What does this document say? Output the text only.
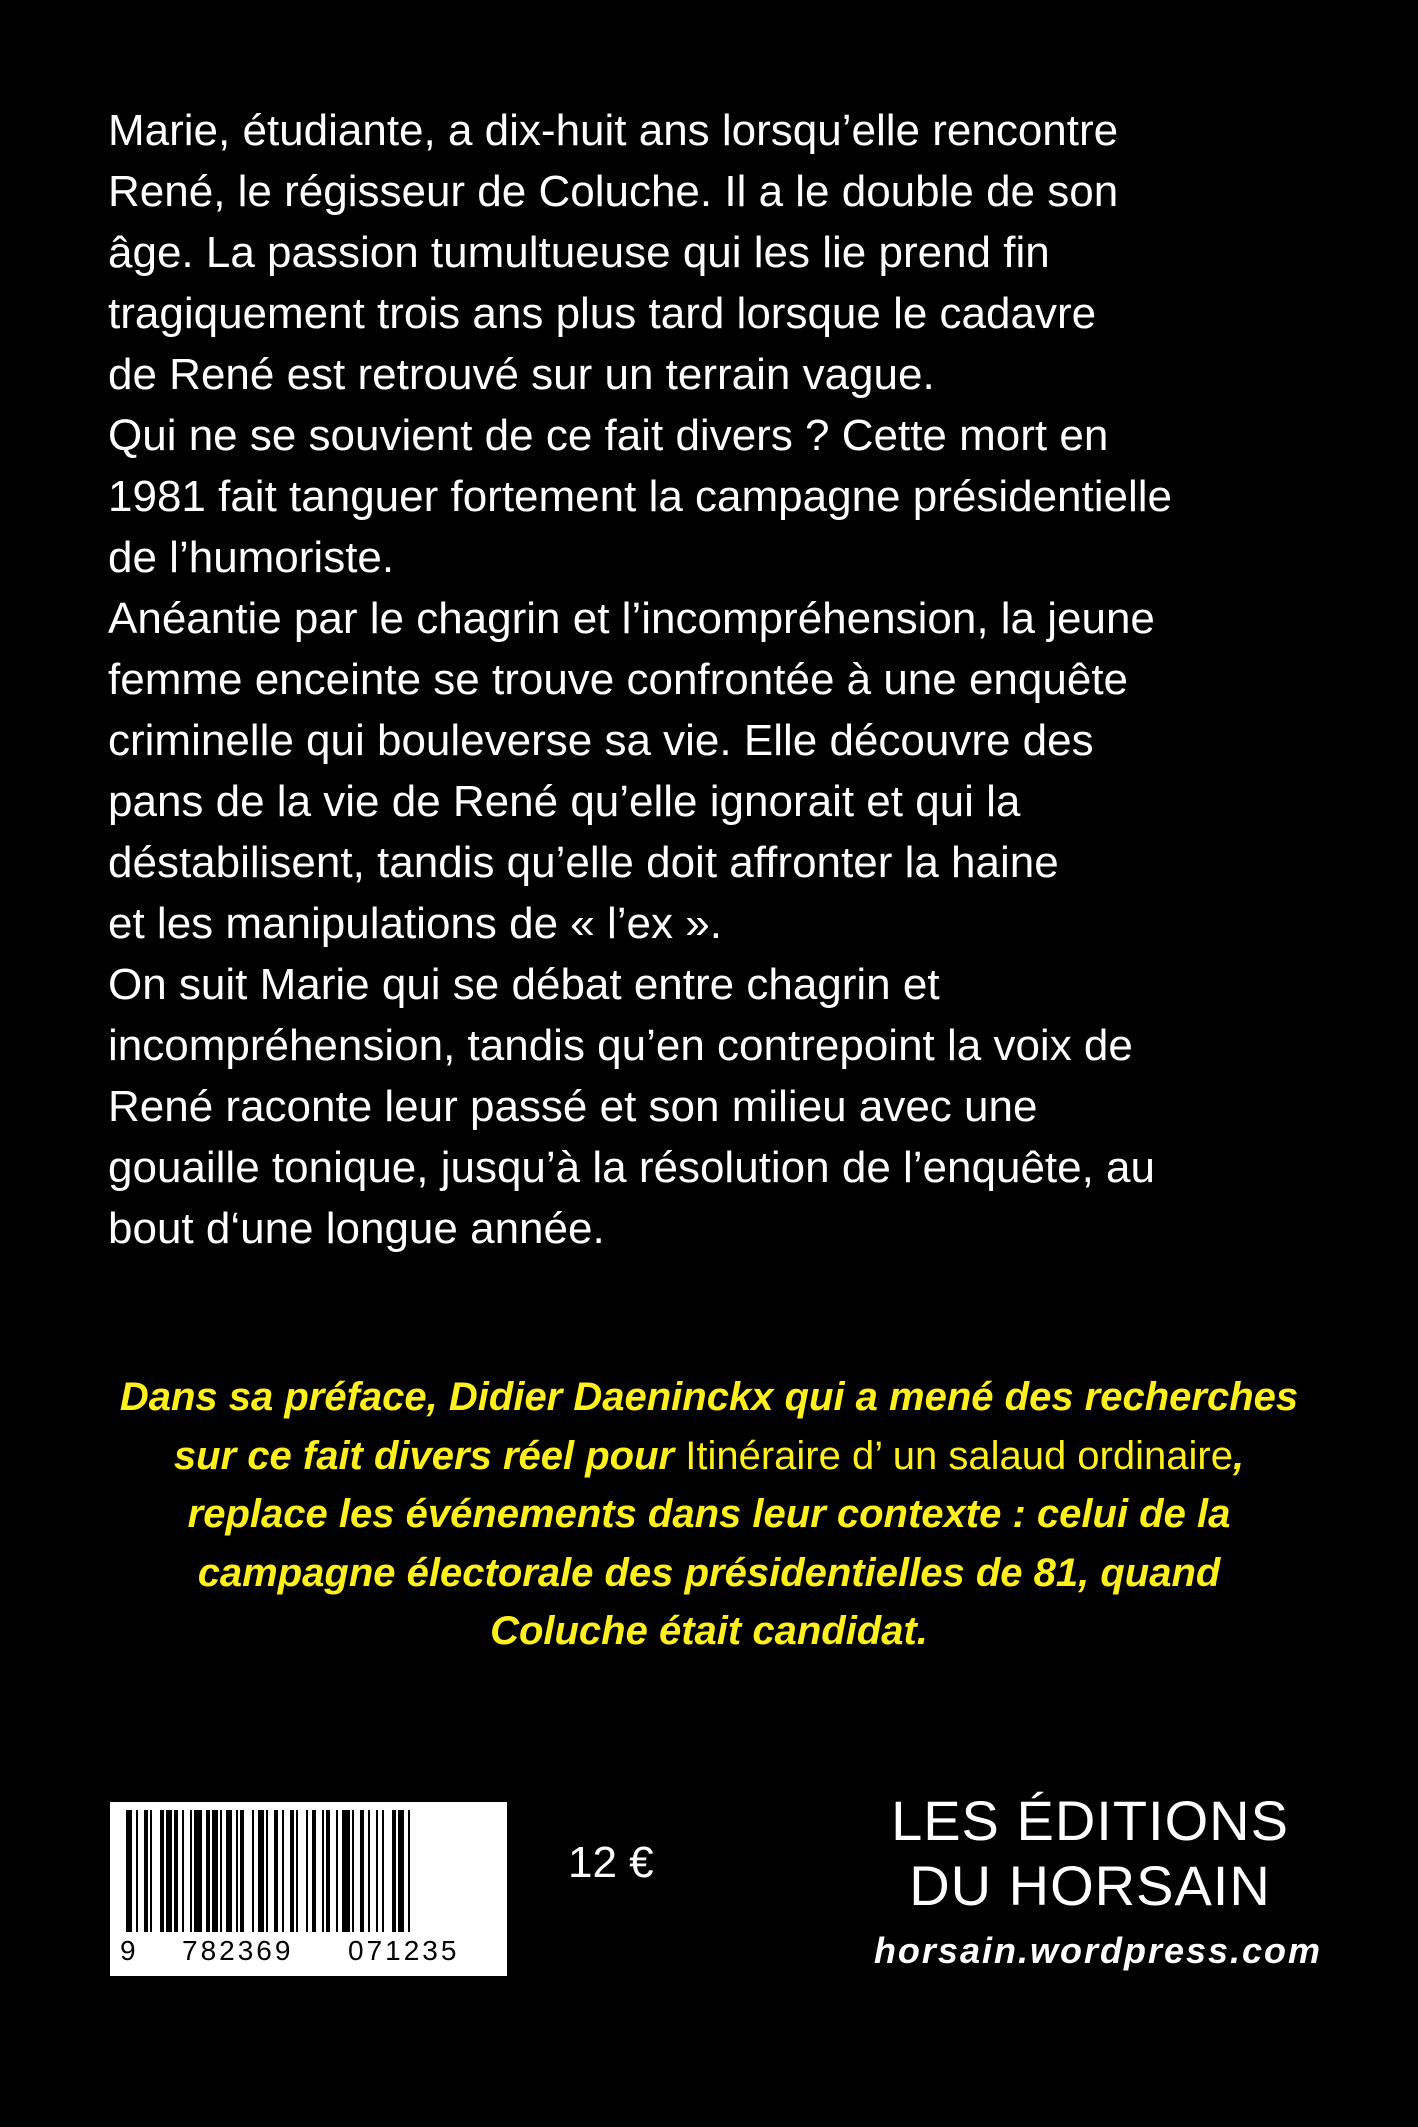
Marie, étudiante, a dix-huit ans lorsqu’elle rencontre
René, le régisseur de Coluche. Il a le double de son
âge. La passion tumultueuse qui les lie prend fin
tragiquement trois ans plus tard lorsque le cadavre
de René est retrouvé sur un terrain vague.
Qui ne se souvient de ce fait divers ? Cette mort en
1981 fait tanguer fortement la campagne présidentielle
de l’humoriste.
Anéantie par le chagrin et l’incompréhension, la jeune
femme enceinte se trouve confrontée à une enquête
criminelle qui bouleverse sa vie. Elle découvre des
pans de la vie de René qu’elle ignorait et qui la
déstabilisent, tandis qu’elle doit affronter la haine
et les manipulations de « l’ex ».
On suit Marie qui se débat entre chagrin et
incompréhension, tandis qu’en contrepoint la voix de
René raconte leur passé et son milieu avec une
gouaille tonique, jusqu’à la résolution de l’enquête, au
bout d‘une longue année.
Dans sa préface, Didier Daeninckx qui a mené des recherches
sur ce fait divers réel pour Itinéraire d’ un salaud ordinaire,
replace les événements dans leur contexte : celui de la
campagne électorale des présidentielles de 81, quand
Coluche était candidat.
9 782369 071235
12 €
LES ÉDITIONS
DU HORSAIN
horsain.wordpress.com
